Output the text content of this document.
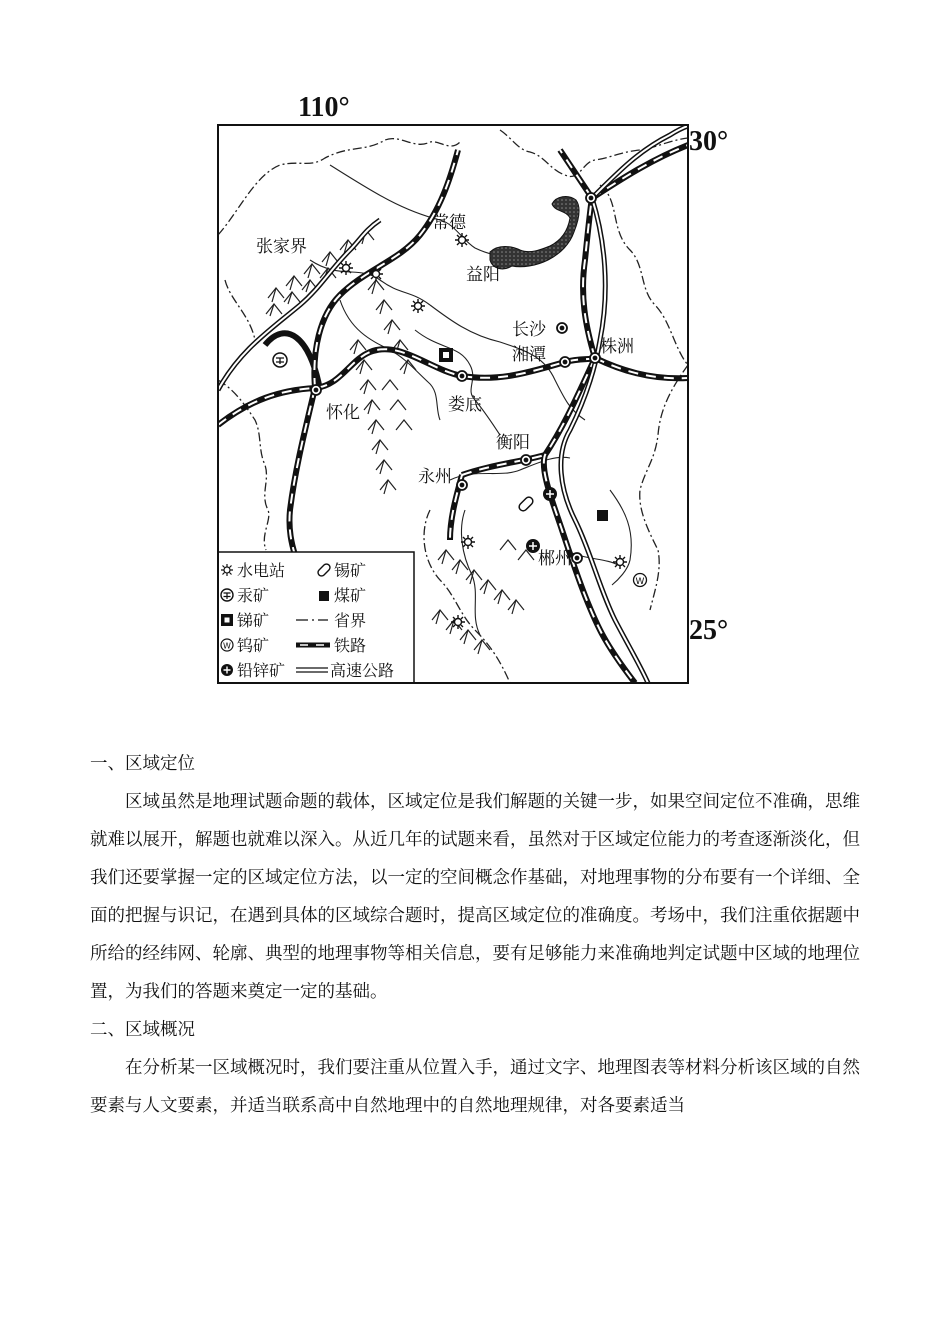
110°
30°
25°
W
张家界
常德
益阳
长沙
湘潭	株洲
怀化	娄底
衡阳
永州
郴州
W
水电站	锡矿
汞矿	煤矿
锑矿	省界
钨矿	铁路
铅锌矿	高速公路

一、区域定位

区域虽然是地理试题命题的载体，区域定位是我们解题的关键一步，如果空间定位不准确，思维就难以展开，解题也就难以深入。从近几年的试题来看，虽然对于区域定位能力的考查逐渐淡化，但我们还要掌握一定的区域定位方法，以一定的空间概念作基础，对地理事物的分布要有一个详细、全面的把握与识记，在遇到具体的区域综合题时，提高区域定位的准确度。考场中，我们注重依据题中所给的经纬网、轮廓、典型的地理事物等相关信息，要有足够能力来准确地判定试题中区域的地理位置，为我们的答题来奠定一定的基础。

二、区域概况

在分析某一区域概况时，我们要注重从位置入手，通过文字、地理图表等材料分析该区域的自然要素与人文要素，并适当联系高中自然地理中的自然地理规律，对各要素适当
